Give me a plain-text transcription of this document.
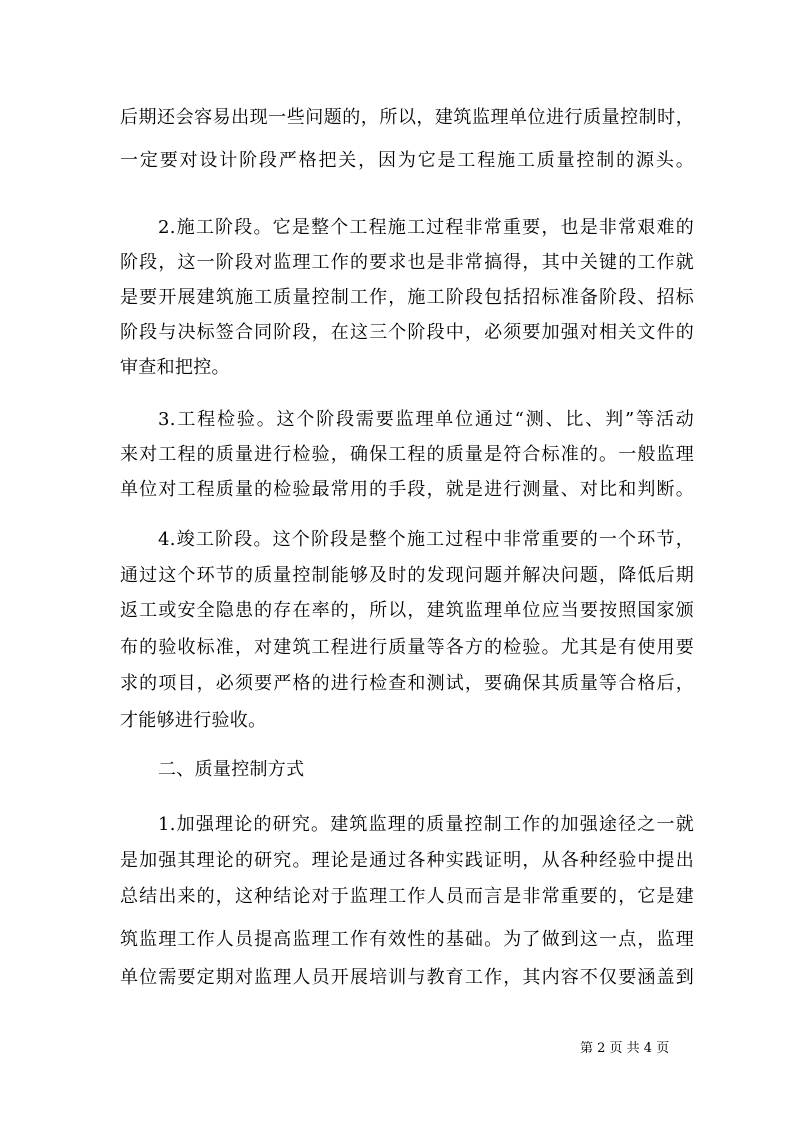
后期还会容易出现一些问题的，所以，建筑监理单位进行质量控制时，
一定要对设计阶段严格把关，因为它是工程施工质量控制的源头。
2.施工阶段。它是整个工程施工过程非常重要，也是非常艰难的
阶段，这一阶段对监理工作的要求也是非常搞得，其中关键的工作就
是要开展建筑施工质量控制工作，施工阶段包括招标准备阶段、招标
阶段与决标签合同阶段，在这三个阶段中，必须要加强对相关文件的
审查和把控。
3.工程检验。这个阶段需要监理单位通过“测、比、判”等活动
来对工程的质量进行检验，确保工程的质量是符合标准的。一般监理
单位对工程质量的检验最常用的手段，就是进行测量、对比和判断。
4.竣工阶段。这个阶段是整个施工过程中非常重要的一个环节，
通过这个环节的质量控制能够及时的发现问题并解决问题，降低后期
返工或安全隐患的存在率的，所以，建筑监理单位应当要按照国家颁
布的验收标准，对建筑工程进行质量等各方的检验。尤其是有使用要
求的项目，必须要严格的进行检查和测试，要确保其质量等合格后，
才能够进行验收。
二、质量控制方式
1.加强理论的研究。建筑监理的质量控制工作的加强途径之一就
是加强其理论的研究。理论是通过各种实践证明，从各种经验中提出
总结出来的，这种结论对于监理工作人员而言是非常重要的，它是建
筑监理工作人员提高监理工作有效性的基础。为了做到这一点，监理
单位需要定期对监理人员开展培训与教育工作，其内容不仅要涵盖到
第 2 页 共 4 页
